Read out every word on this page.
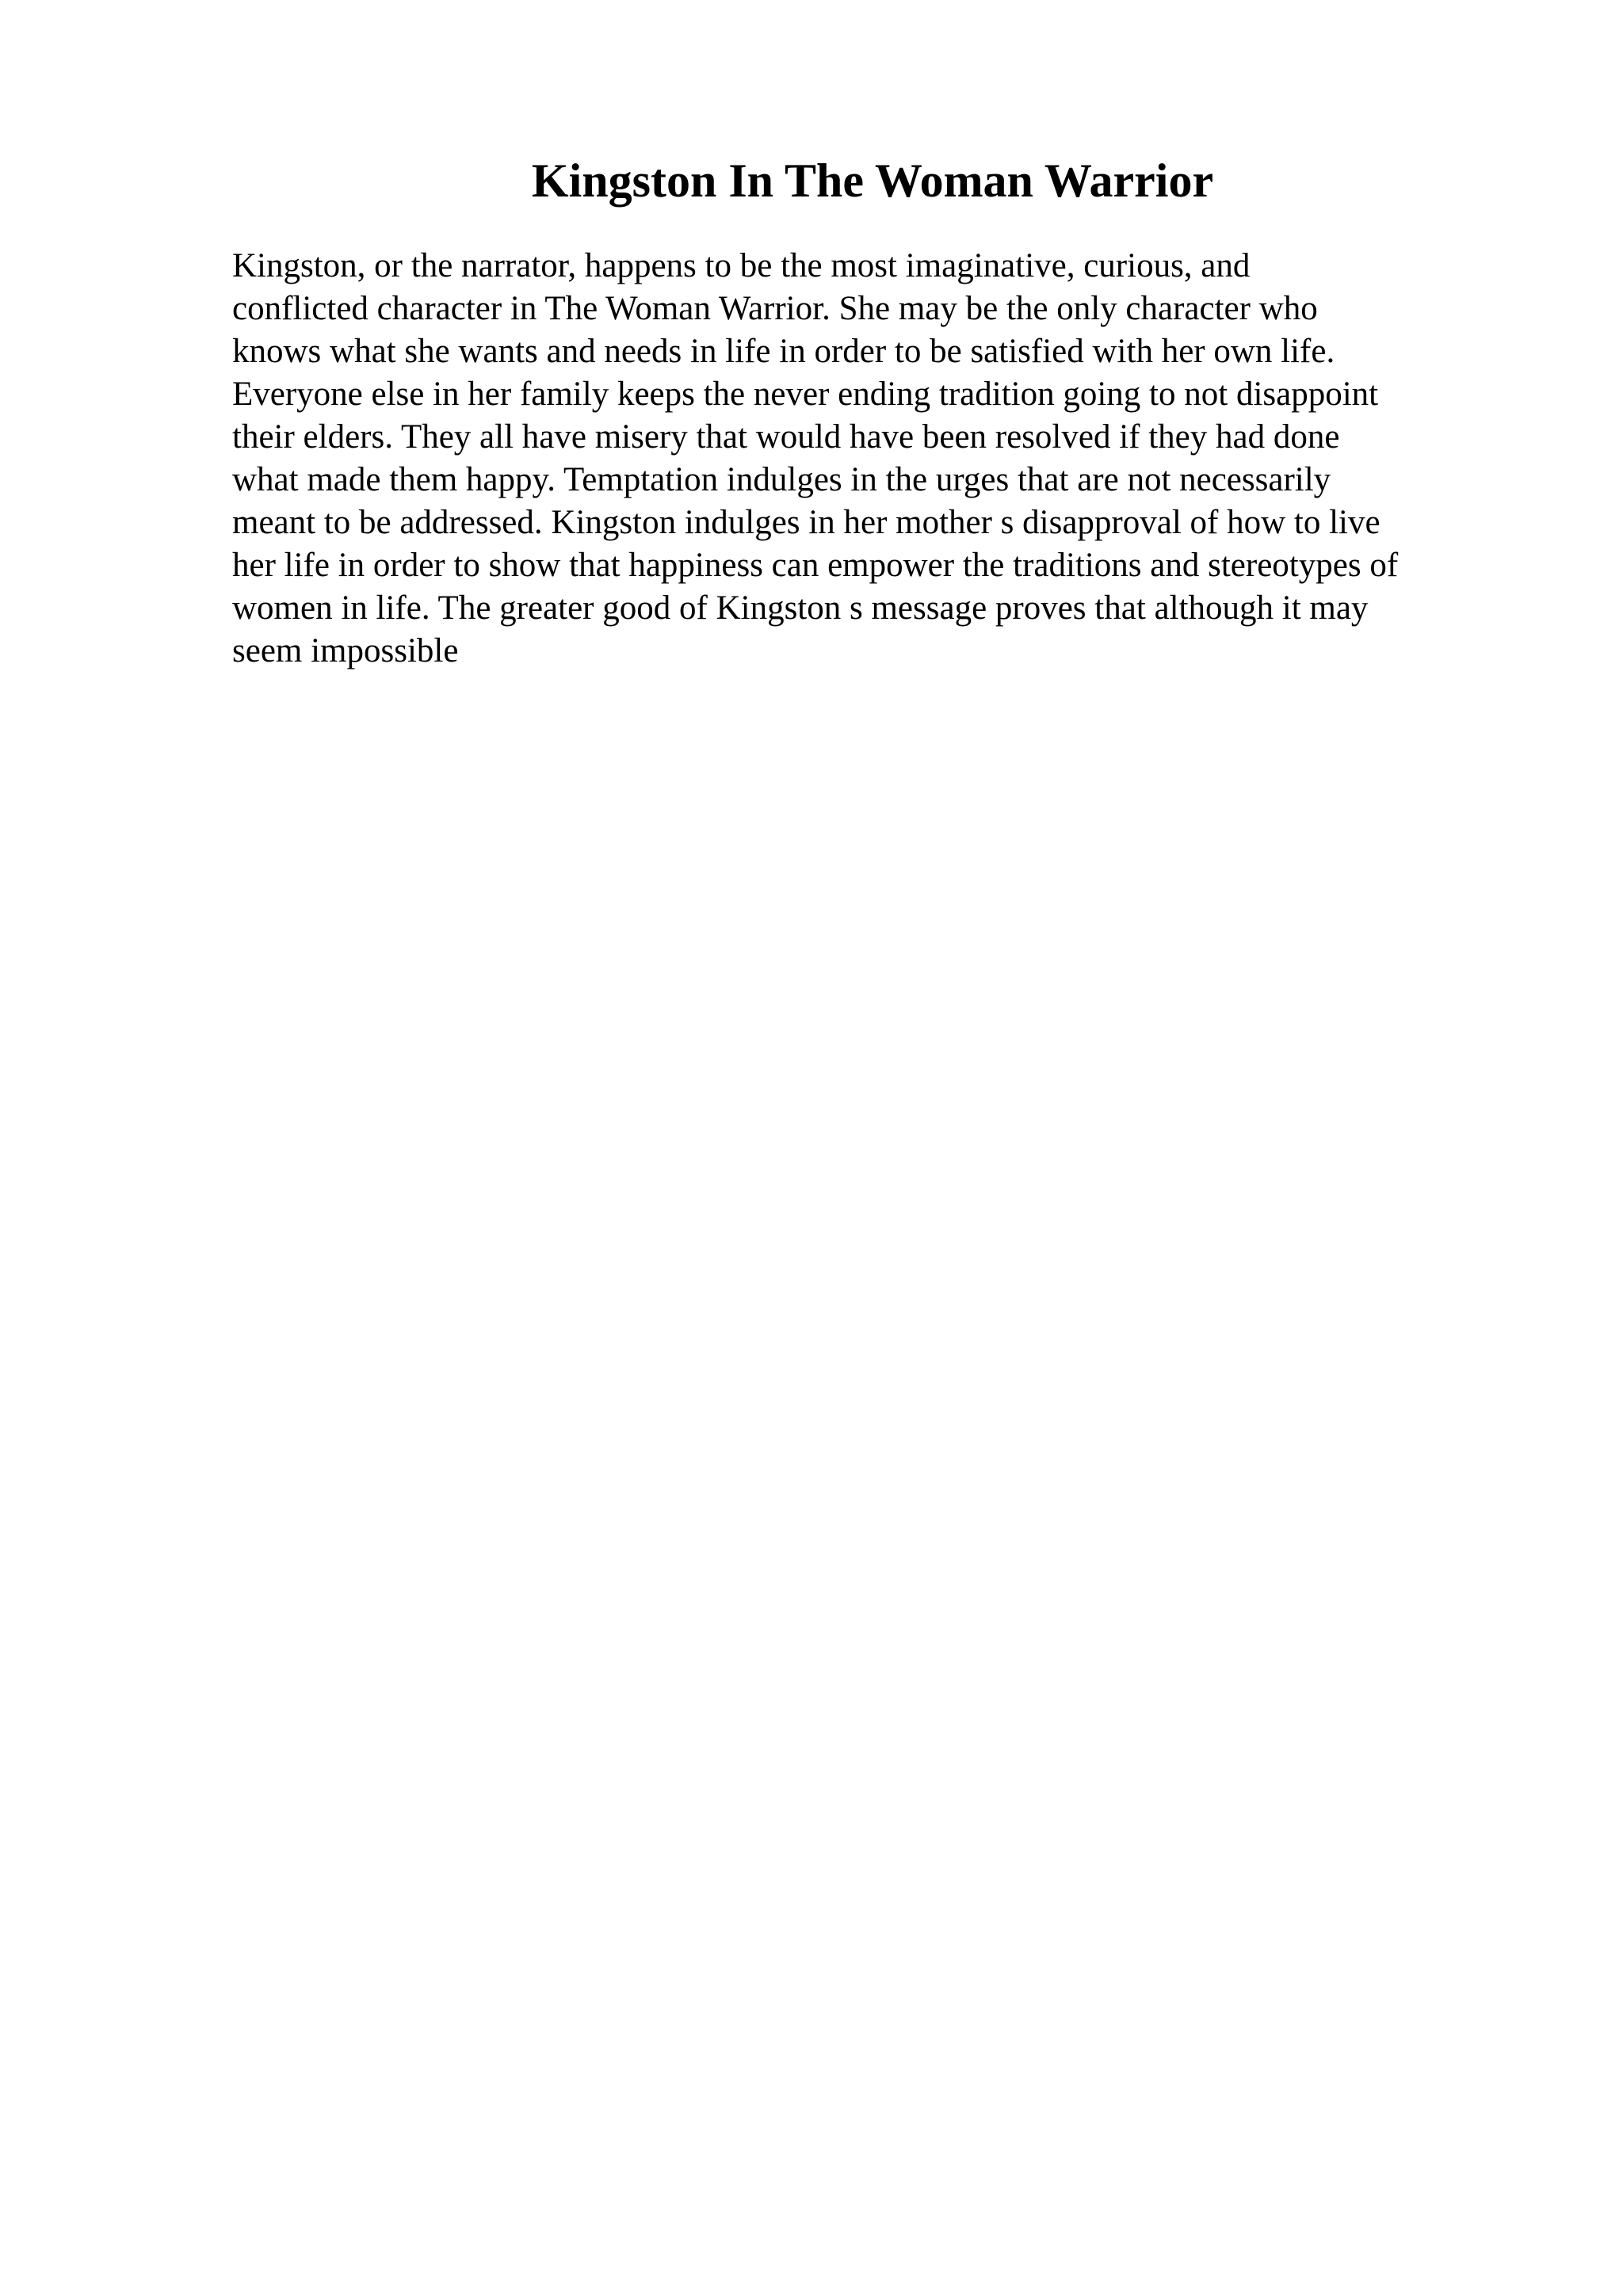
Kingston In The Woman Warrior
Kingston, or the narrator, happens to be the most imaginative, curious, and
conflicted character in The Woman Warrior. She may be the only character who
knows what she wants and needs in life in order to be satisfied with her own life.
Everyone else in her family keeps the never ending tradition going to not disappoint
their elders. They all have misery that would have been resolved if they had done
what made them happy. Temptation indulges in the urges that are not necessarily
meant to be addressed. Kingston indulges in her mother s disapproval of how to live
her life in order to show that happiness can empower the traditions and stereotypes of
women in life. The greater good of Kingston s message proves that although it may
seem impossible
